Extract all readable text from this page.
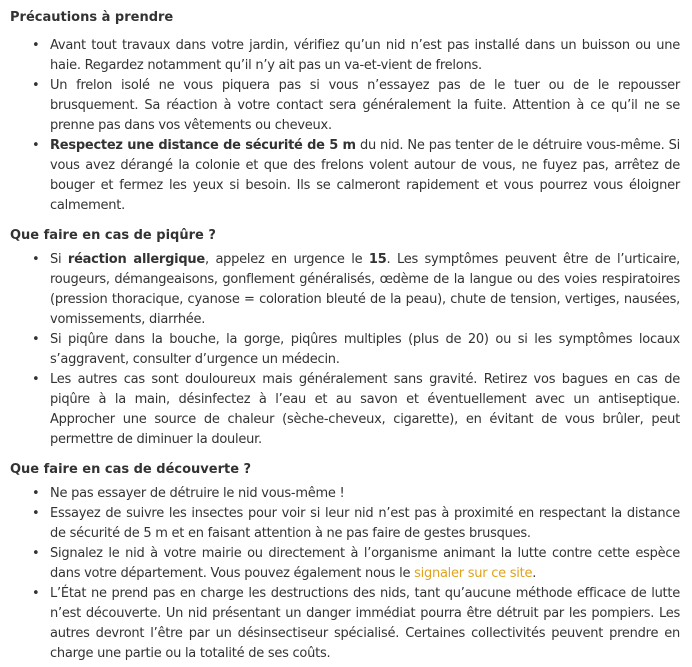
Précautions à prendre
• Avant tout travaux dans votre jardin, vérifiez qu’un nid n’est pas installé dans un buisson ou une haie. Regardez notamment qu’il n’y ait pas un va-et-vient de frelons.
• Un frelon isolé ne vous piquera pas si vous n’essayez pas de le tuer ou de le repousser brusquement. Sa réaction à votre contact sera généralement la fuite. Attention à ce qu’il ne se prenne pas dans vos vêtements ou cheveux.
• Respectez une distance de sécurité de 5 m du nid. Ne pas tenter de le détruire vous-même. Si vous avez dérangé la colonie et que des frelons volent autour de vous, ne fuyez pas, arrêtez de bouger et fermez les yeux si besoin. Ils se calmeront rapidement et vous pourrez vous éloigner calmement.
Que faire en cas de piqûre ?
• Si réaction allergique, appelez en urgence le 15. Les symptômes peuvent être de l’urticaire, rougeurs, démangeaisons, gonflement généralisés, œdème de la langue ou des voies respiratoires (pression thoracique, cyanose = coloration bleuté de la peau), chute de tension, vertiges, nausées, vomissements, diarrhée.
• Si piqûre dans la bouche, la gorge, piqûres multiples (plus de 20) ou si les symptômes locaux s’aggravent, consulter d’urgence un médecin.
• Les autres cas sont douloureux mais généralement sans gravité. Retirez vos bagues en cas de piqûre à la main, désinfectez à l’eau et au savon et éventuellement avec un antiseptique. Approcher une source de chaleur (sèche-cheveux, cigarette), en évitant de vous brûler, peut permettre de diminuer la douleur.
Que faire en cas de découverte ?
• Ne pas essayer de détruire le nid vous-même !
• Essayez de suivre les insectes pour voir si leur nid n’est pas à proximité en respectant la distance de sécurité de 5 m et en faisant attention à ne pas faire de gestes brusques.
• Signalez le nid à votre mairie ou directement à l’organisme animant la lutte contre cette espèce dans votre département. Vous pouvez également nous le signaler sur ce site.
• L’État ne prend pas en charge les destructions des nids, tant qu’aucune méthode efficace de lutte n’est découverte. Un nid présentant un danger immédiat pourra être détruit par les pompiers. Les autres devront l’être par un désinsectiseur spécialisé. Certaines collectivités peuvent prendre en charge une partie ou la totalité de ses coûts.
